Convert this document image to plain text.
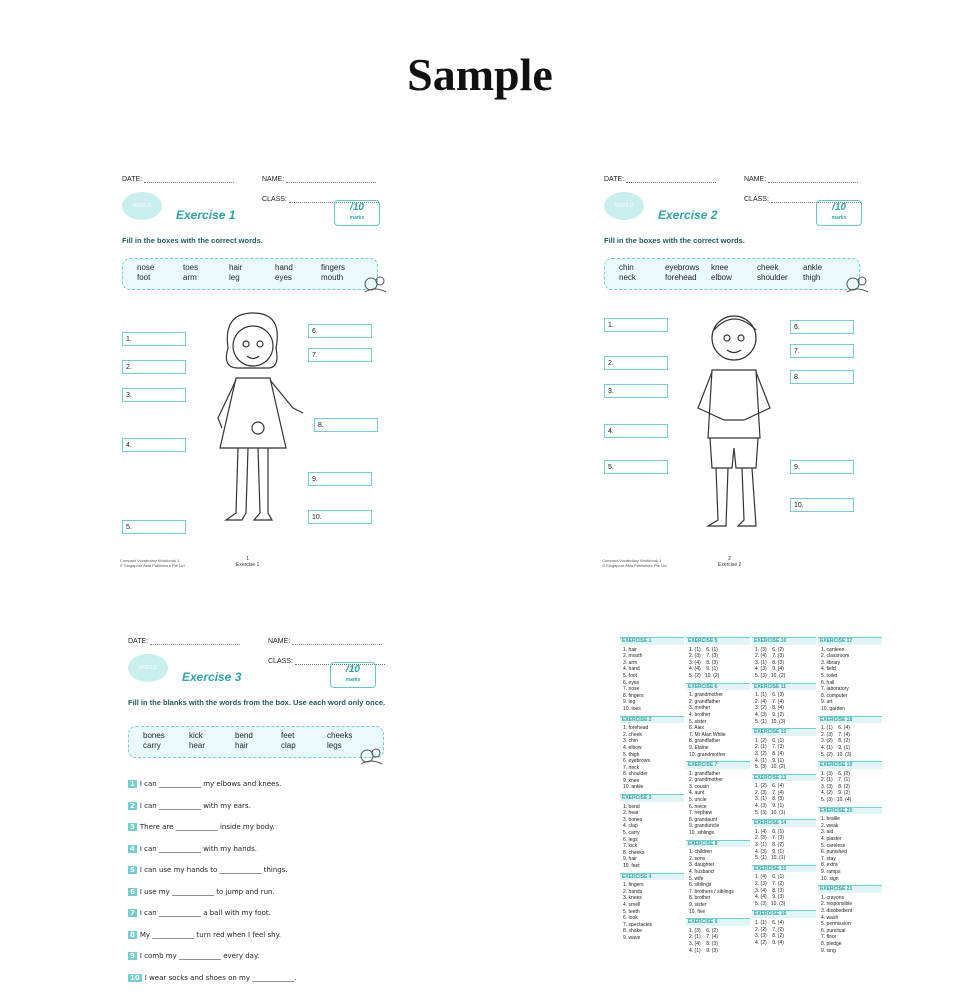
Sample
DATE:	NAME:
CLASS:
WORLD
Exercise 1
/10
marks
Fill in the boxes with the correct words.
nose	toes	hair	hand	fingers
foot	arm	leg	eyes	mouth
1.
2.
3.
4.
5.
6.
7.
8.
9.
10.
Compact Vocabulary Workbook 1
© Singapore Asia Publishers Pte Ltd
1
Exercise 1
DATE:	NAME:
CLASS:
WORLD
Exercise 2
/10
marks
Fill in the boxes with the correct words.
chin	eyebrows	knee	cheek	ankle
neck	forehead	elbow	shoulder	thigh
1.
2.
3.
4.
5.
6.
7.
8.
9.
10.
Compact Vocabulary Workbook 1
© Singapore Asia Publishers Pte Ltd
2
Exercise 2
DATE:	NAME:
CLASS:
WORLD
Exercise 3
/10
marks
Fill in the blanks with the words from the box. Use each word only once.
bones	kick	bend	feet	cheeks
carry	hear	hair	clap	legs
1 I can ____________ my elbows and knees.
2 I can ____________ with my ears.
3 There are ____________ inside my body.
4 I can ____________ with my hands.
5 I can use my hands to ____________ things.
6 I use my ____________ to jump and run.
7 I can ____________ a ball with my foot.
8 My ____________ turn red when I feel shy.
9 I comb my ____________ every day.
10 I wear socks and shoes on my ____________.
EXERCISE 1
1. hair
2. mouth
3. arm
4. hand
5. foot
6. eyes
7. nose
8. fingers
9. leg
10. toes
EXERCISE 2
1. forehead
2. cheek
3. chin
4. elbow
5. thigh
6. eyebrows
7. neck
8. shoulder
9. knee
10. ankle
EXERCISE 3
1. bend
2. hear
3. bones
4. clap
5. carry
6. legs
7. kick
8. cheeks
9. hair
10. feet
EXERCISE 4
1. fingers
2. hands
3. knees
4. smell
5. teeth
6. look
7. spectacles
8. shake
9. wave
EXERCISE 5
1. (1)    6. (1)
2. (3)    7. (3)
3. (4)    8. (3)
4. (4)    9. (1)
5. (2)   10. (2)
EXERCISE 6
1. grandmother
2. grandfather
3. mother
4. brother
5. sister
6. Alex
7. Mr Alan White
8. grandfather
9. Elaine
10. grandmother
EXERCISE 7
1. grandfather
2. grandmother
3. cousin
4. aunt
5. uncle
6. niece
7. nephew
8. grandaunt
9. granduncle
10. siblings
EXERCISE 8
1. children
2. sons
3. daughter
4. husband
5. wife
6. siblings
7. brothers / siblings
8. brother
9. sister
10. five
EXERCISE 9
1. (3)    6. (2)
2. (1)    7. (4)
3. (4)    8. (3)
4. (1)    9. (3)
EXERCISE 10
1. (3)    6. (2)
2. (4)    7. (3)
3. (1)    8. (3)
4. (3)    9. (4)
5. (3)   10. (2)
EXERCISE 11
1. (1)    6. (3)
2. (4)    7. (4)
3. (2)    8. (4)
4. (3)    9. (2)
5. (1)   10. (3)
EXERCISE 12
1. (2)    6. (1)
2. (1)    7. (3)
3. (2)    8. (4)
4. (1)    9. (1)
5. (3)   10. (2)
EXERCISE 13
1. (2)    6. (4)
2. (3)    7. (4)
3. (1)    8. (3)
4. (3)    9. (1)
5. (3)   10. (1)
EXERCISE 14
1. (4)    6. (1)
2. (3)    7. (3)
3. (1)    8. (2)
4. (3)    9. (1)
5. (1)   10. (1)
EXERCISE 15
1. (4)    6. (1)
2. (3)    7. (2)
3. (4)    8. (3)
4. (4)    9. (3)
5. (3)   10. (3)
EXERCISE 16
1. (1)    6. (4)
2. (2)    7. (2)
3. (3)    8. (2)
4. (2)    9. (4)
EXERCISE 17
1. canteen
2. classroom
3. library
4. field
5. toilet
6. hall
7. laboratory
8. computer
9. art
10. garden
EXERCISE 18
1. (1)    6. (4)
2. (3)    7. (4)
3. (2)    8. (2)
4. (1)    9. (1)
5. (2)   10. (3)
EXERCISE 19
1. (3)    6. (2)
2. (1)    7. (1)
3. (3)    8. (2)
4. (2)    9. (2)
5. (3)   10. (4)
EXERCISE 20
1. braille
2. weak
3. aid
4. plaster
5. careless
6. punished
7. stay
8. extra
9. ramps
10. sign
EXERCISE 21
1. crayons
2. responsible
3. disobedient
4. wash
5. permission
6. punctual
7. floor
8. pledge
9. sing
